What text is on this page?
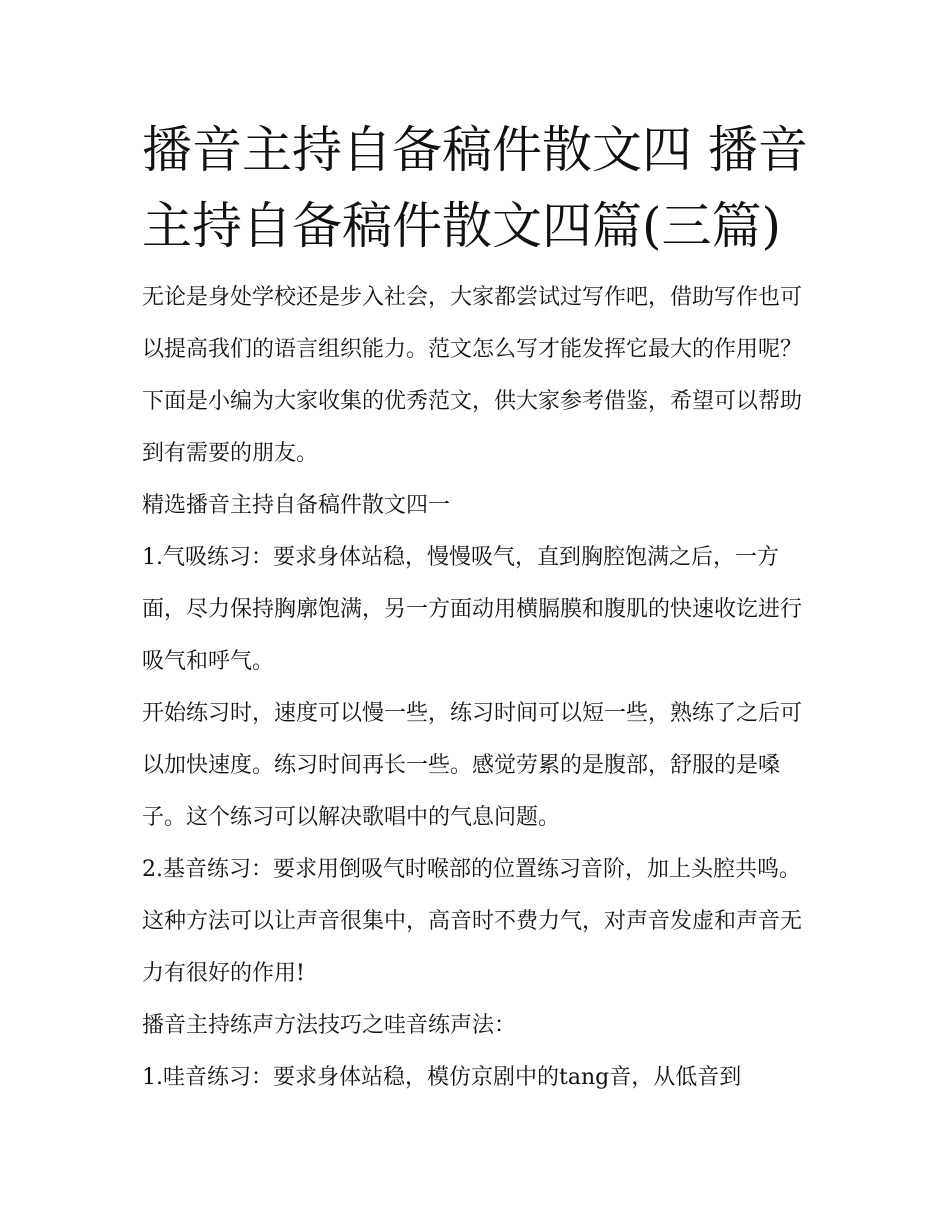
播音主持自备稿件散文四 播音主持自备稿件散文四篇(三篇)

无论是身处学校还是步入社会，大家都尝试过写作吧，借助写作也可以提高我们的语言组织能力。范文怎么写才能发挥它最大的作用呢？下面是小编为大家收集的优秀范文，供大家参考借鉴，希望可以帮助到有需要的朋友。

精选播音主持自备稿件散文四一

1.气吸练习：要求身体站稳，慢慢吸气，直到胸腔饱满之后，一方面，尽力保持胸廓饱满，另一方面动用横膈膜和腹肌的快速收讫进行吸气和呼气。

开始练习时，速度可以慢一些，练习时间可以短一些，熟练了之后可以加快速度。练习时间再长一些。感觉劳累的是腹部，舒服的是嗓子。这个练习可以解决歌唱中的气息问题。

2.基音练习：要求用倒吸气时喉部的位置练习音阶，加上头腔共鸣。这种方法可以让声音很集中，高音时不费力气，对声音发虚和声音无力有很好的作用!

播音主持练声方法技巧之哇音练声法：

1.哇音练习：要求身体站稳，模仿京剧中的tang音，从低音到
